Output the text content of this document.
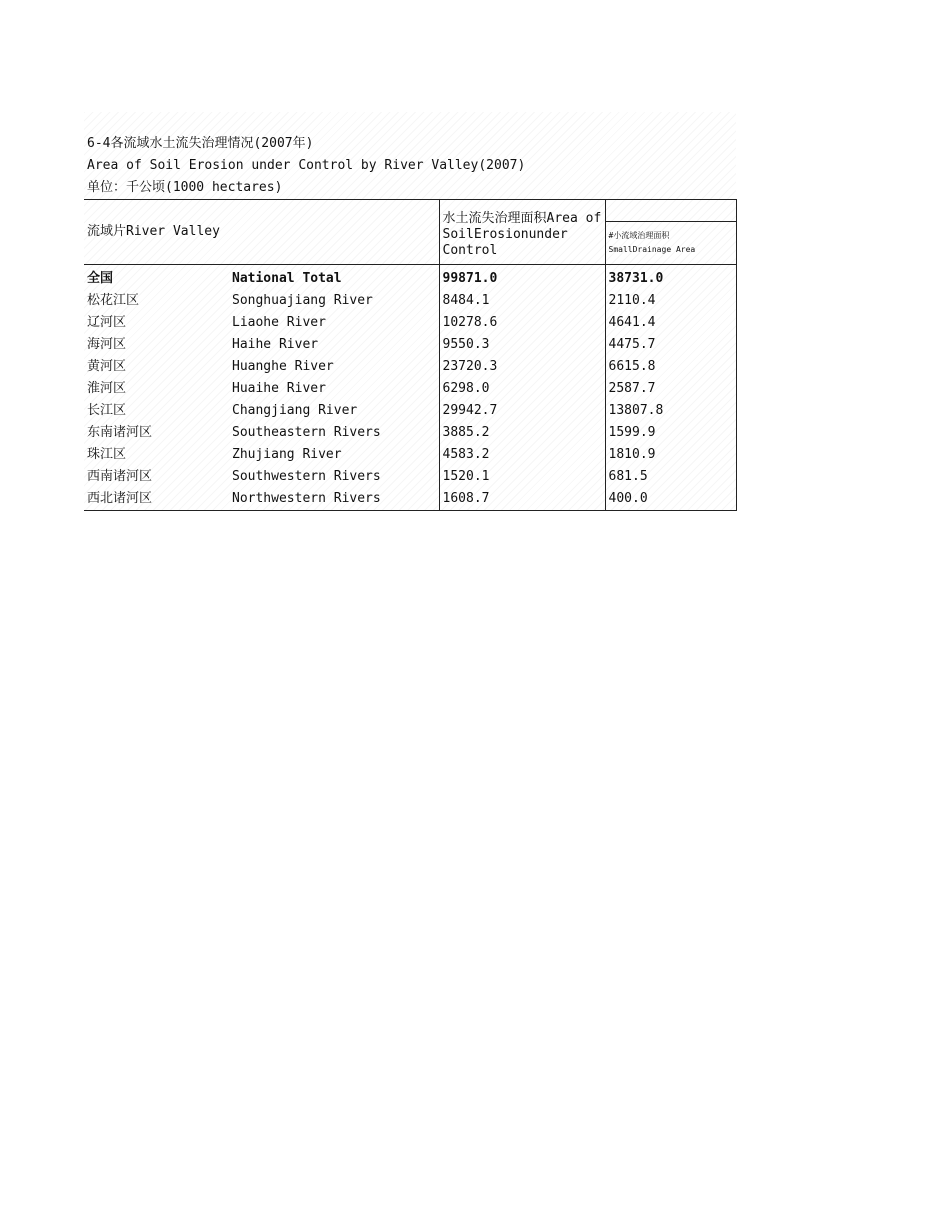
6-4各流域水土流失治理情况(2007年)
Area of Soil Erosion under Control by River Valley(2007)
单位：千公顷(1000 hectares)
流域片River Valley		水土流失治理面积Area of SoilErosionunder Control	

			#小流域治理面积
SmallDrainage Area

全国	National Total	99871.0	38731.0
松花江区	Songhuajiang River	8484.1	2110.4
辽河区	Liaohe River	10278.6	4641.4
海河区	Haihe River	9550.3	4475.7
黄河区	Huanghe River	23720.3	6615.8
淮河区	Huaihe River	6298.0	2587.7
长江区	Changjiang River	29942.7	13807.8
东南诸河区	Southeastern Rivers	3885.2	1599.9
珠江区	Zhujiang River	4583.2	1810.9
西南诸河区	Southwestern Rivers	1520.1	681.5
西北诸河区	Northwestern Rivers	1608.7	400.0
